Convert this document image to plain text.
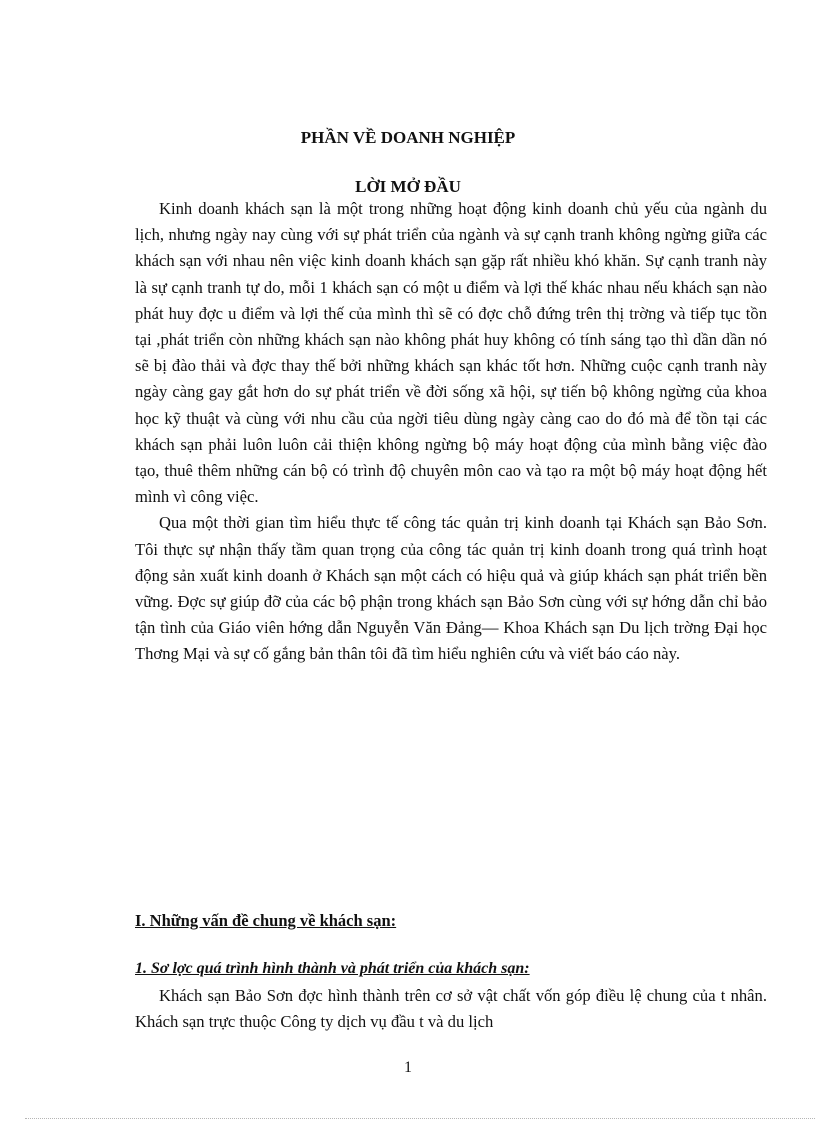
PHẦN VỀ DOANH NGHIỆP
LỜI MỞ ĐẦU

Kinh doanh khách sạn là một trong những hoạt động kinh doanh chủ yếu của ngành du lịch, nhưng ngày nay cùng với sự phát triển của ngành và sự cạnh tranh không ngừng giữa các khách sạn với nhau nên việc kinh doanh khách sạn gặp rất nhiều khó khăn. Sự cạnh tranh này là sự cạnh tranh tự do, mỗi 1 khách sạn có một u điểm và lợi thế khác nhau nếu khách sạn nào phát huy đợc u điểm và lợi thế của mình thì sẽ có đợc chỗ đứng trên thị trờng và tiếp tục tồn tại ,phát triển còn những khách sạn nào không phát huy không có tính sáng tạo thì dần dần nó sẽ bị đào thải và đợc thay thế bởi những khách sạn khác tốt hơn. Những cuộc cạnh tranh này ngày càng gay gắt hơn do sự phát triển về đời sống xã hội, sự tiến bộ không ngừng của khoa học kỹ thuật và cùng với nhu cầu của ngời tiêu dùng ngày càng cao do đó mà để tồn tại các khách sạn phải luôn luôn cải thiện không ngừng bộ máy hoạt động của mình bằng việc đào tạo, thuê thêm những cán bộ có trình độ chuyên môn cao và tạo ra một bộ máy hoạt động hết mình vì công việc.

Qua một thời gian tìm hiểu thực tế công tác quản trị kinh doanh tại Khách sạn Bảo Sơn. Tôi thực sự nhận thấy tầm quan trọng của công tác quản trị kinh doanh trong quá trình hoạt động sản xuất kinh doanh ở Khách sạn một cách có hiệu quả và giúp khách sạn phát triển bền vững. Đợc sự giúp đỡ của các bộ phận trong khách sạn Bảo Sơn cùng với sự hớng dẫn chỉ bảo tận tình của Giáo viên hớng dẫn Nguyễn Văn Đảng— Khoa Khách sạn Du lịch trờng Đại học Thơng Mại và sự cố gắng bản thân tôi đã tìm hiểu nghiên cứu và viết báo cáo này.

I. Những vấn đề chung về khách sạn:
1. Sơ lợc quá trình hình thành và phát triển của khách sạn:

Khách sạn Bảo Sơn đợc hình thành trên cơ sở vật chất vốn góp điều lệ chung của t nhân. Khách sạn trực thuộc Công ty dịch vụ đầu t và du lịch

1
